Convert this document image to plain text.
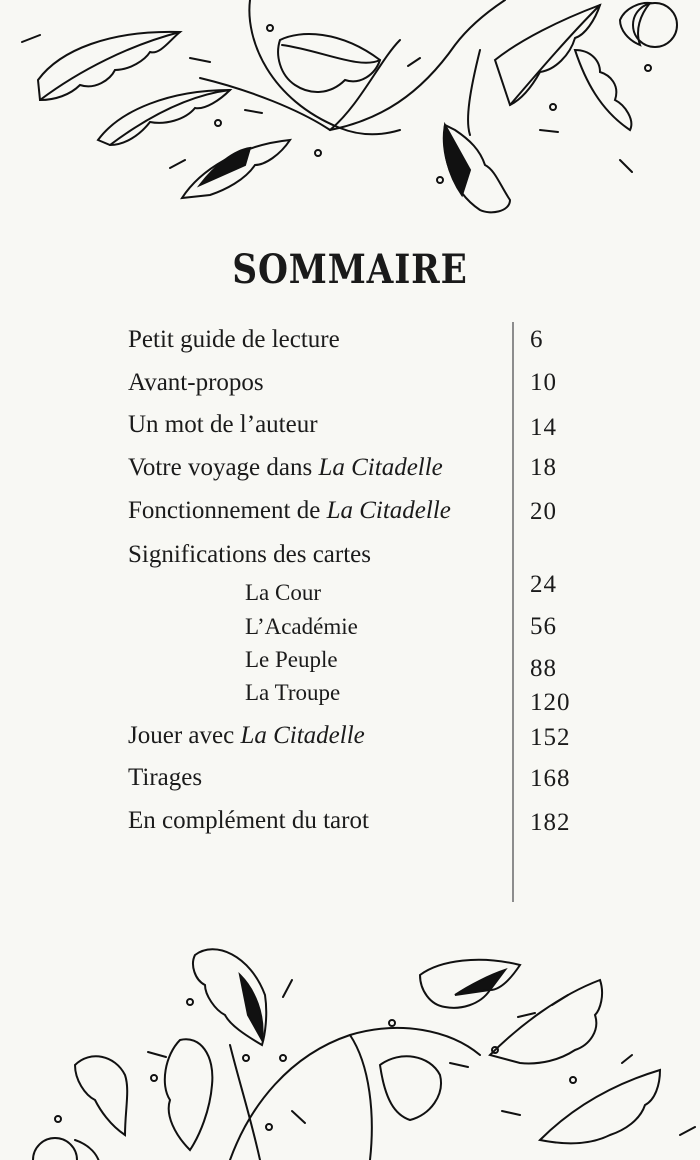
SOMMAIRE
Petit guide de lecture	6
Avant-propos	10
Un mot de l’auteur	14
Votre voyage dans La Citadelle	18
Fonctionnement de La Citadelle	20
Significations des cartes
La Cour	24
L’Académie	56
Le Peuple	88
La Troupe	120
Jouer avec La Citadelle	152
Tirages	168
En complément du tarot	182
